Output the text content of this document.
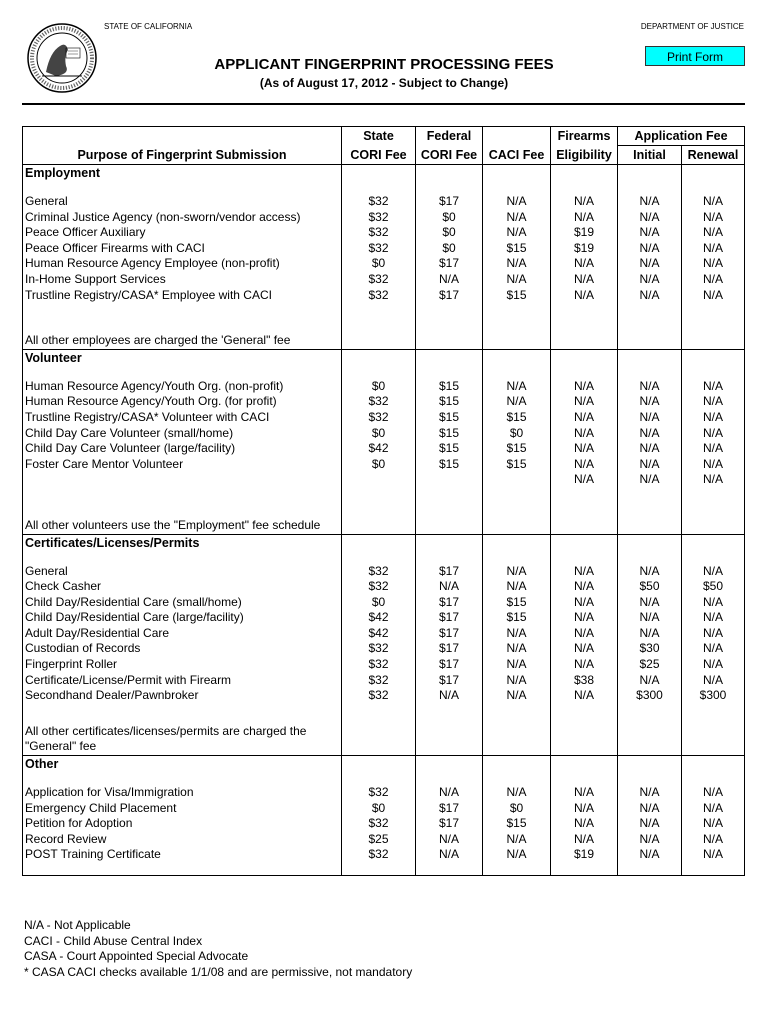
STATE OF CALIFORNIA	DEPARTMENT OF JUSTICE
Print Form
APPLICANT FINGERPRINT PROCESSING FEES
(As of August 17, 2012 - Subject to Change)
	State	Federal		Firearms	Application Fee	
Purpose of Fingerprint Submission	CORI Fee	CORI Fee	CACI Fee	Eligibility	Initial	Renewal
Employment						

General	$32	$17	N/A	N/A	N/A	N/A
Criminal Justice Agency (non-sworn/vendor access)	$32	$0	N/A	N/A	N/A	N/A
Peace Officer Auxiliary	$32	$0	N/A	$19	N/A	N/A
Peace Officer Firearms with CACI	$32	$0	$15	$19	N/A	N/A
Human Resource Agency Employee (non-profit)	$0	$17	N/A	N/A	N/A	N/A
In-Home Support Services	$32	N/A	N/A	N/A	N/A	N/A
Trustline Registry/CASA* Employee with CACI	$32	$17	$15	N/A	N/A	N/A

All other employees are charged the 'General" fee						
Volunteer						

Human Resource Agency/Youth Org. (non-profit)	$0	$15	N/A	N/A	N/A	N/A
Human Resource Agency/Youth Org. (for profit)	$32	$15	N/A	N/A	N/A	N/A
Trustline Registry/CASA* Volunteer with CACI	$32	$15	$15	N/A	N/A	N/A
Child Day Care Volunteer (small/home)	$0	$15	$0	N/A	N/A	N/A
Child Day Care Volunteer (large/facility)	$42	$15	$15	N/A	N/A	N/A
Foster Care Mentor Volunteer	$0	$15	$15	N/A	N/A	N/A
				N/A	N/A	N/A

All other volunteers use the "Employment" fee schedule						
Certificates/Licenses/Permits						

General	$32	$17	N/A	N/A	N/A	N/A
Check Casher	$32	N/A	N/A	N/A	$50	$50
Child Day/Residential Care (small/home)	$0	$17	$15	N/A	N/A	N/A
Child Day/Residential Care (large/facility)	$42	$17	$15	N/A	N/A	N/A
Adult Day/Residential Care	$42	$17	N/A	N/A	N/A	N/A
Custodian of Records	$32	$17	N/A	N/A	$30	N/A
Fingerprint Roller	$32	$17	N/A	N/A	$25	N/A
Certificate/License/Permit with Firearm	$32	$17	N/A	$38	N/A	N/A
Secondhand Dealer/Pawnbroker	$32	N/A	N/A	N/A	$300	$300

All other certificates/licenses/permits are charged the						
"General" fee						
Other						

Application for Visa/Immigration	$32	N/A	N/A	N/A	N/A	N/A
Emergency Child Placement	$0	$17	$0	N/A	N/A	N/A
Petition for Adoption	$32	$17	$15	N/A	N/A	N/A
Record Review	$25	N/A	N/A	N/A	N/A	N/A
POST Training Certificate	$32	N/A	N/A	$19	N/A	N/A

N/A - Not Applicable
CACI - Child Abuse Central Index
CASA - Court Appointed Special Advocate
* CASA CACI checks available 1/1/08 and are permissive, not mandatory
